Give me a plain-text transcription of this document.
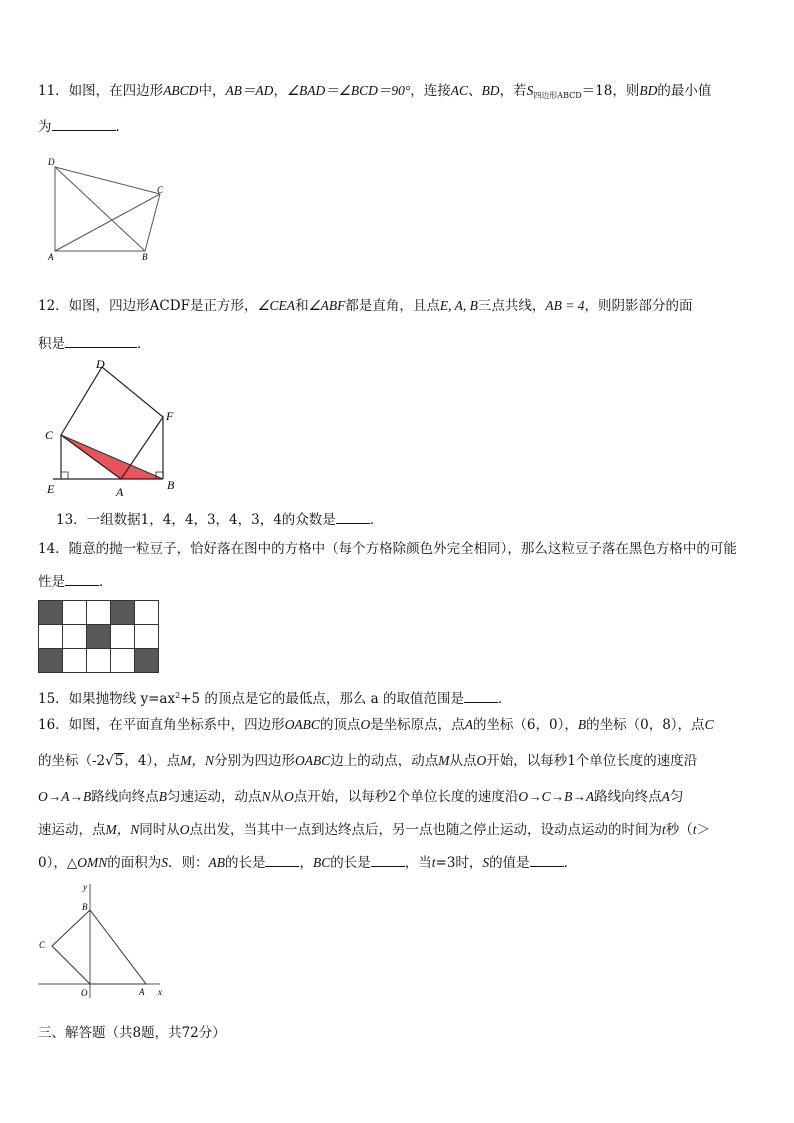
11．如图，在四边形ABCD中，AB＝AD，∠BAD＝∠BCD＝90°，连接AC、BD，若$S_{四边形ABCD}=18$，则BD的最小值
为	．
D
C
A	B
12．如图，四边形ACDF是正方形，∠CEA和∠ABF都是直角，且点E, A, B三点共线，AB = 4，则阴影部分的面
积是	．
D
F
C
E	A	B
13．一组数据1，4，4，3，4，3，4的众数是	．
14．随意的抛一粒豆子，恰好落在图中的方格中（每个方格除颜色外完全相同），那么这粒豆子落在黑色方格中的可能
性是	．
15．如果抛物线 $y=ax^2+5$ 的顶点是它的最低点，那么 a 的取值范围是	．
16．如图，在平面直角坐标系中，四边形OABC的顶点O是坐标原点，点A的坐标（6，0），B的坐标（0，8），点C
的坐标（-2√5，4），点M，N分别为四边形OABC边上的动点，动点M从点O开始，以每秒1个单位长度的速度沿
O→A→B路线向终点B匀速运动，动点N从O点开始，以每秒2个单位长度的速度沿O→C→B→A路线向终点A匀
速运动，点M，N同时从O点出发，当其中一点到达终点后，另一点也随之停止运动，设动点运动的时间为t秒（t＞
0），△OMN的面积为S．则：AB的长是	，BC的长是	，当t=3时，S的值是	．
y
B
C
O	A x
三、解答题（共8题，共72分）
